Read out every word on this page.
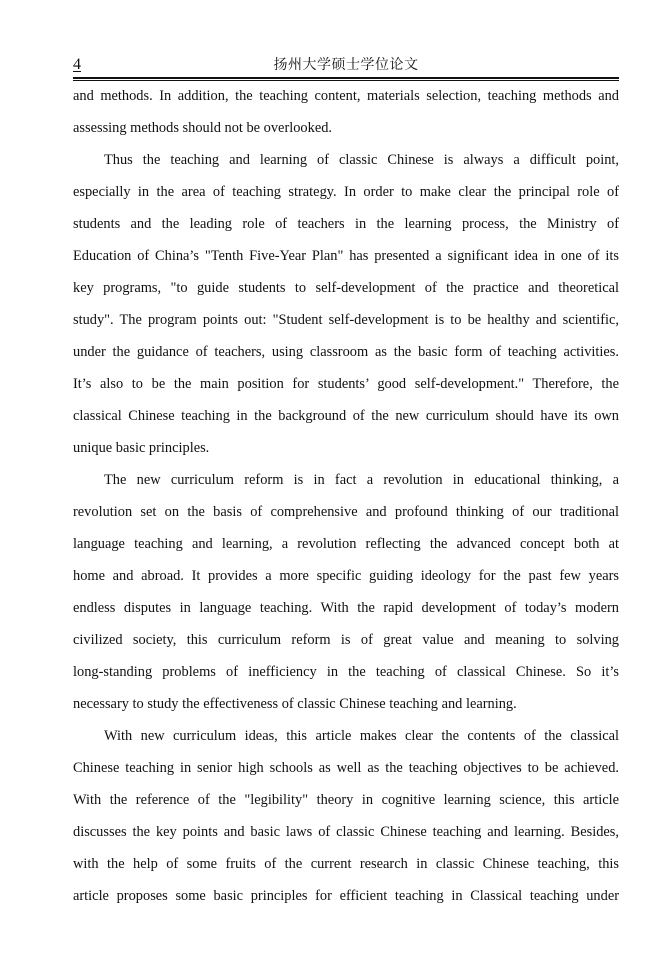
4	扬州大学硕士学位论文
and methods. In addition, the teaching content, materials selection, teaching methods and
assessing methods should not be overlooked.
Thus the teaching and learning of classic Chinese is always a difficult point,
especially in the area of teaching strategy. In order to make clear the principal role of
students and the leading role of teachers in the learning process, the Ministry of
Education of China’s "Tenth Five-Year Plan" has presented a significant idea in one of its
key programs, "to guide students to self-development of the practice and theoretical
study". The program points out: "Student self-development is to be healthy and scientific,
under the guidance of teachers, using classroom as the basic form of teaching activities.
It’s also to be the main position for students’ good self-development." Therefore, the
classical Chinese teaching in the background of the new curriculum should have its own
unique basic principles.
The new curriculum reform is in fact a revolution in educational thinking, a
revolution set on the basis of comprehensive and profound thinking of our traditional
language teaching and learning, a revolution reflecting the advanced concept both at
home and abroad. It provides a more specific guiding ideology for the past few years
endless disputes in language teaching. With the rapid development of today’s modern
civilized society, this curriculum reform is of great value and meaning to solving
long-standing problems of inefficiency in the teaching of classical Chinese. So it’s
necessary to study the effectiveness of classic Chinese teaching and learning.
With new curriculum ideas, this article makes clear the contents of the classical
Chinese teaching in senior high schools as well as the teaching objectives to be achieved.
With the reference of the "legibility" theory in cognitive learning science, this article
discusses the key points and basic laws of classic Chinese teaching and learning. Besides,
with the help of some fruits of the current research in classic Chinese teaching, this
article proposes some basic principles for efficient teaching in Classical teaching under
